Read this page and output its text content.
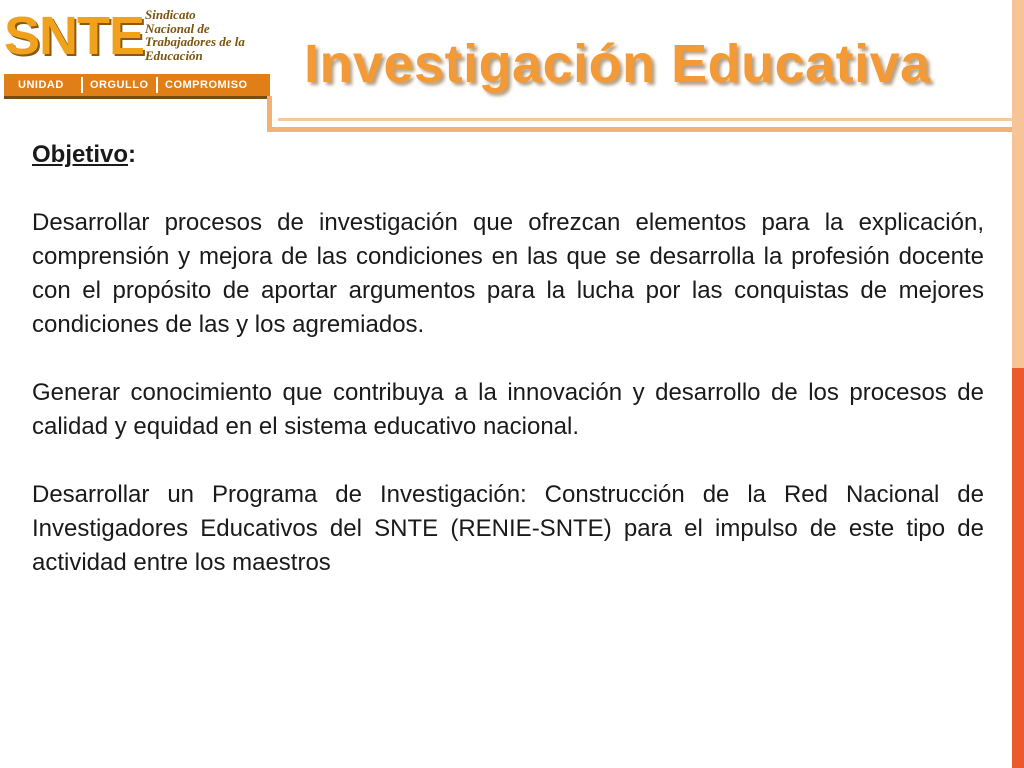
SNTE Sindicato
Nacional de
Trabajadores de la
Educación
UNIDAD ORGULLO COMPROMISO Investigación Educativa

Objetivo:

Desarrollar procesos de investigación que ofrezcan elementos para la explicación, comprensión y mejora de las condiciones en las que se desarrolla la profesión docente con el propósito de aportar argumentos para la lucha por las conquistas de mejores condiciones de las y los agremiados.

Generar conocimiento que contribuya a la innovación y desarrollo de los procesos de calidad y equidad en el sistema educativo nacional.

Desarrollar un Programa de Investigación: Construcción de la Red Nacional de Investigadores Educativos del SNTE (RENIE-SNTE) para el impulso de este tipo de actividad entre los maestros
